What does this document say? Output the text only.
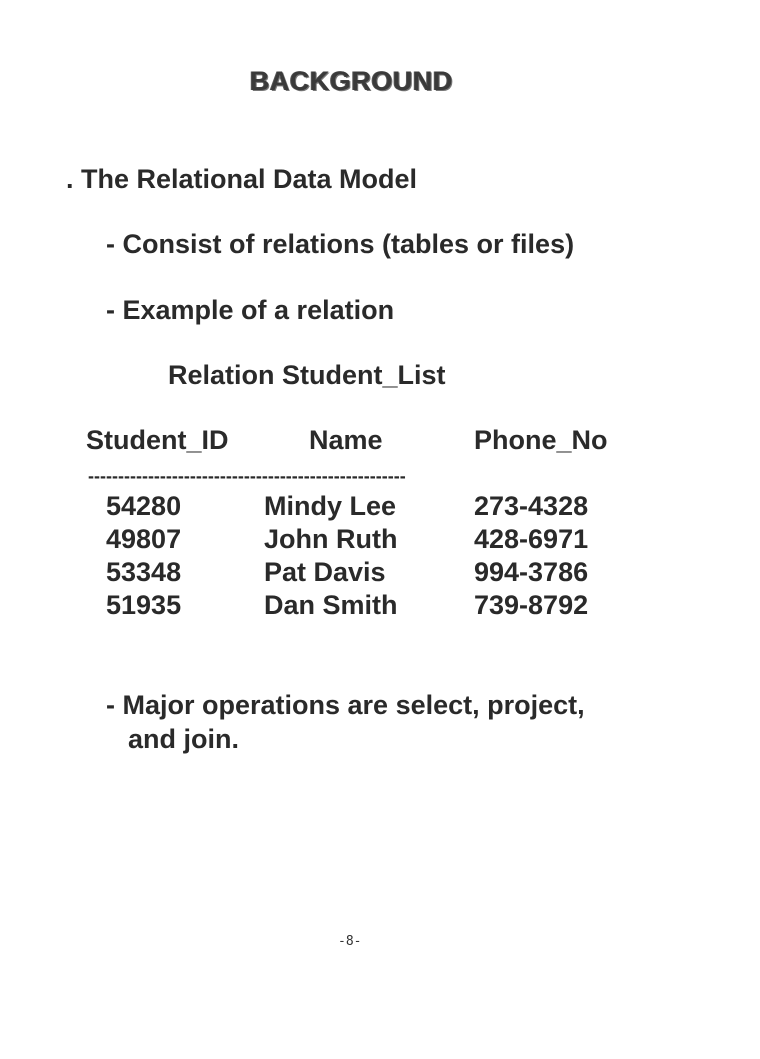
BACKGROUND
. The Relational Data Model
- Consist of relations (tables or files)
- Example of a relation
Relation Student_List
Student_ID	Name	Phone_No
-----------------------------------------------------
54280	Mindy Lee	273-4328
49807	John Ruth	428-6971
53348	Pat Davis	994-3786
51935	Dan Smith	739-8792
- Major operations are select, project,
and join.
-8-
